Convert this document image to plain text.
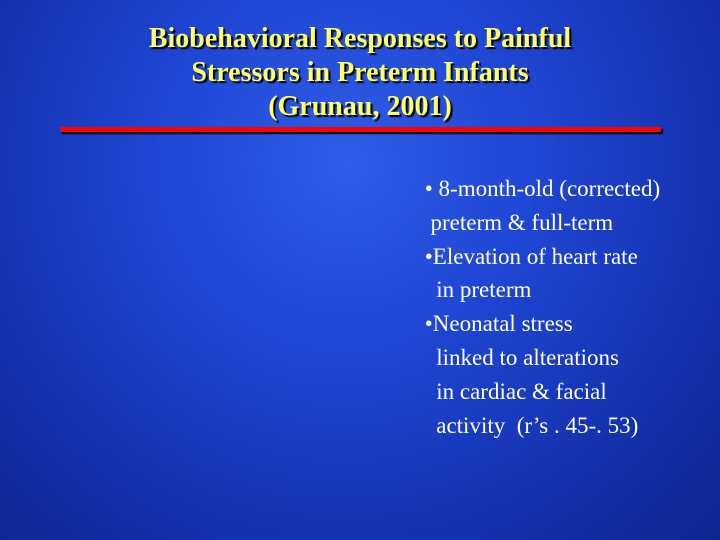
Biobehavioral Responses to Painful
Stressors in Preterm Infants
(Grunau, 2001)
• 8-month-old (corrected)
preterm & full-term
•Elevation of heart rate
in preterm
•Neonatal stress
linked to alterations
in cardiac & facial
activity  (r’s . 45-. 53)
